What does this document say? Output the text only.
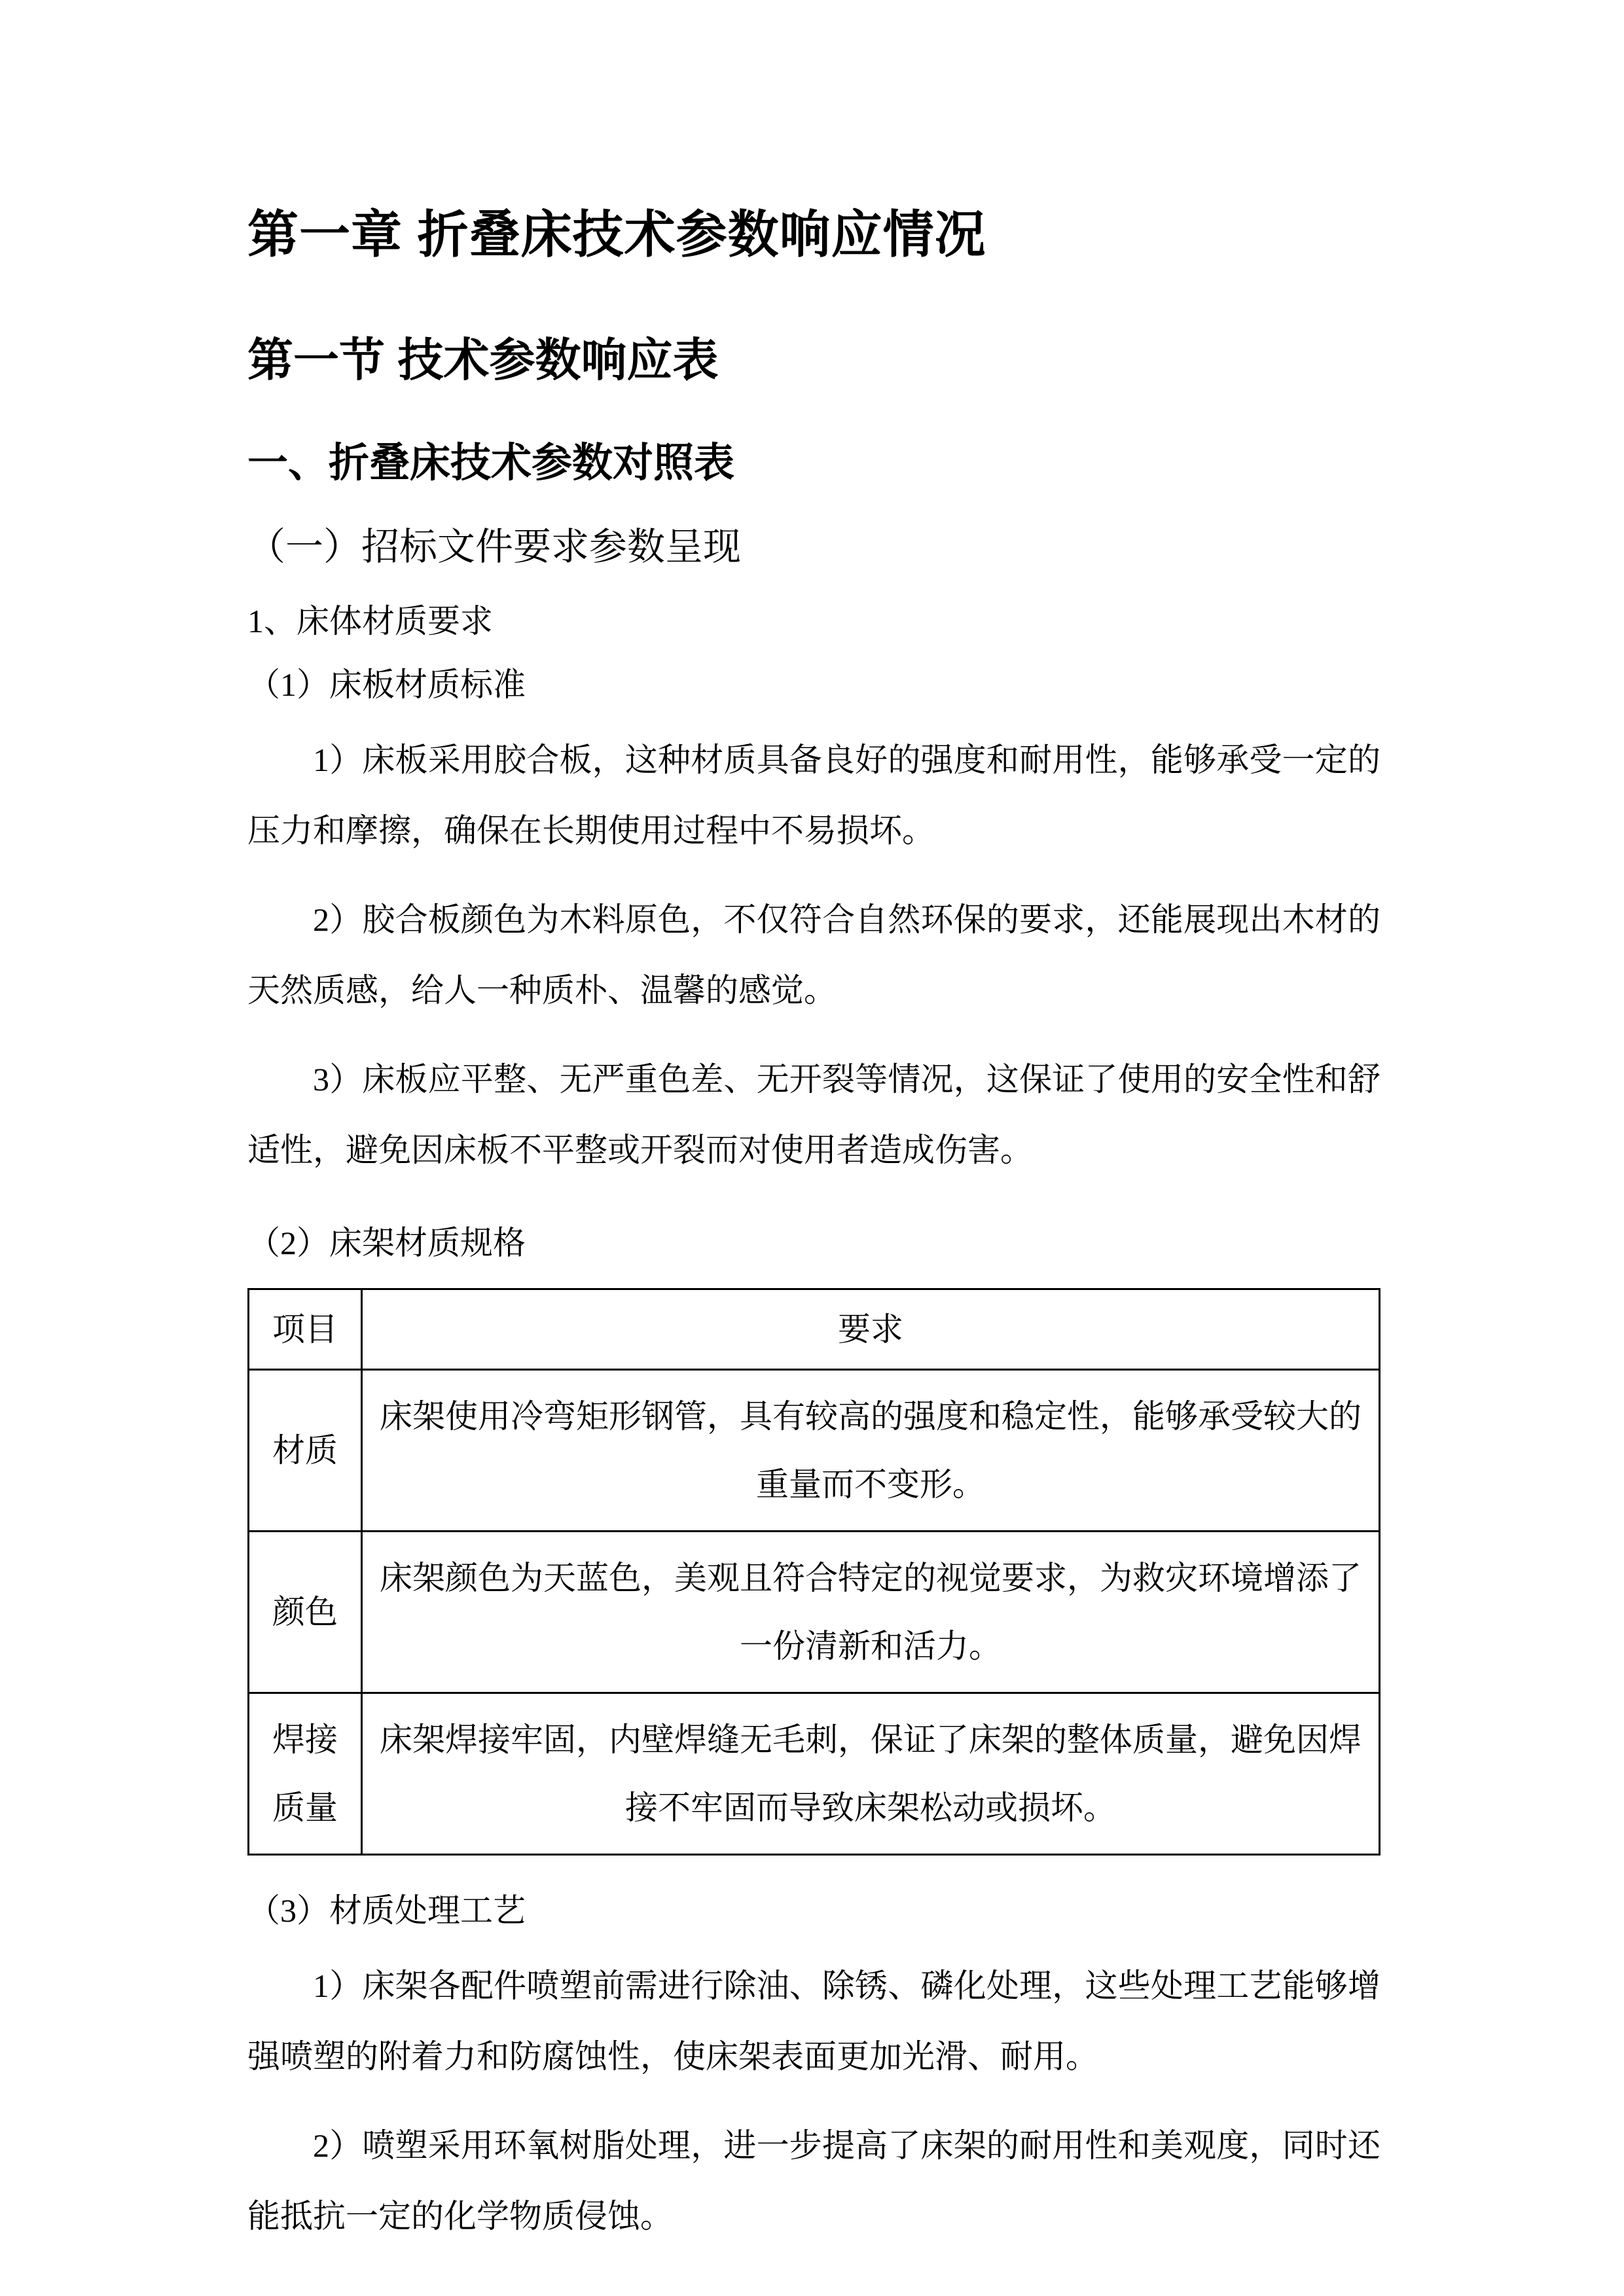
第一章 折叠床技术参数响应情况
第一节 技术参数响应表
一、折叠床技术参数对照表
（一）招标文件要求参数呈现
1、床体材质要求
（1）床板材质标准

1）床板采用胶合板，这种材质具备良好的强度和耐用性，能够承受一定的压力和摩擦，确保在长期使用过程中不易损坏。

2）胶合板颜色为木料原色，不仅符合自然环保的要求，还能展现出木材的天然质感，给人一种质朴、温馨的感觉。

3）床板应平整、无严重色差、无开裂等情况，这保证了使用的安全性和舒适性，避免因床板不平整或开裂而对使用者造成伤害。

（2）床架材质规格
项目	要求
材质	床架使用冷弯矩形钢管，具有较高的强度和稳定性，能够承受较大的重量而不变形。
颜色	床架颜色为天蓝色，美观且符合特定的视觉要求，为救灾环境增添了一份清新和活力。
焊接质量	床架焊接牢固，内壁焊缝无毛刺，保证了床架的整体质量，避免因焊接不牢固而导致床架松动或损坏。
（3）材质处理工艺

1）床架各配件喷塑前需进行除油、除锈、磷化处理，这些处理工艺能够增强喷塑的附着力和防腐蚀性，使床架表面更加光滑、耐用。

2）喷塑采用环氧树脂处理，进一步提高了床架的耐用性和美观度，同时还能抵抗一定的化学物质侵蚀。
